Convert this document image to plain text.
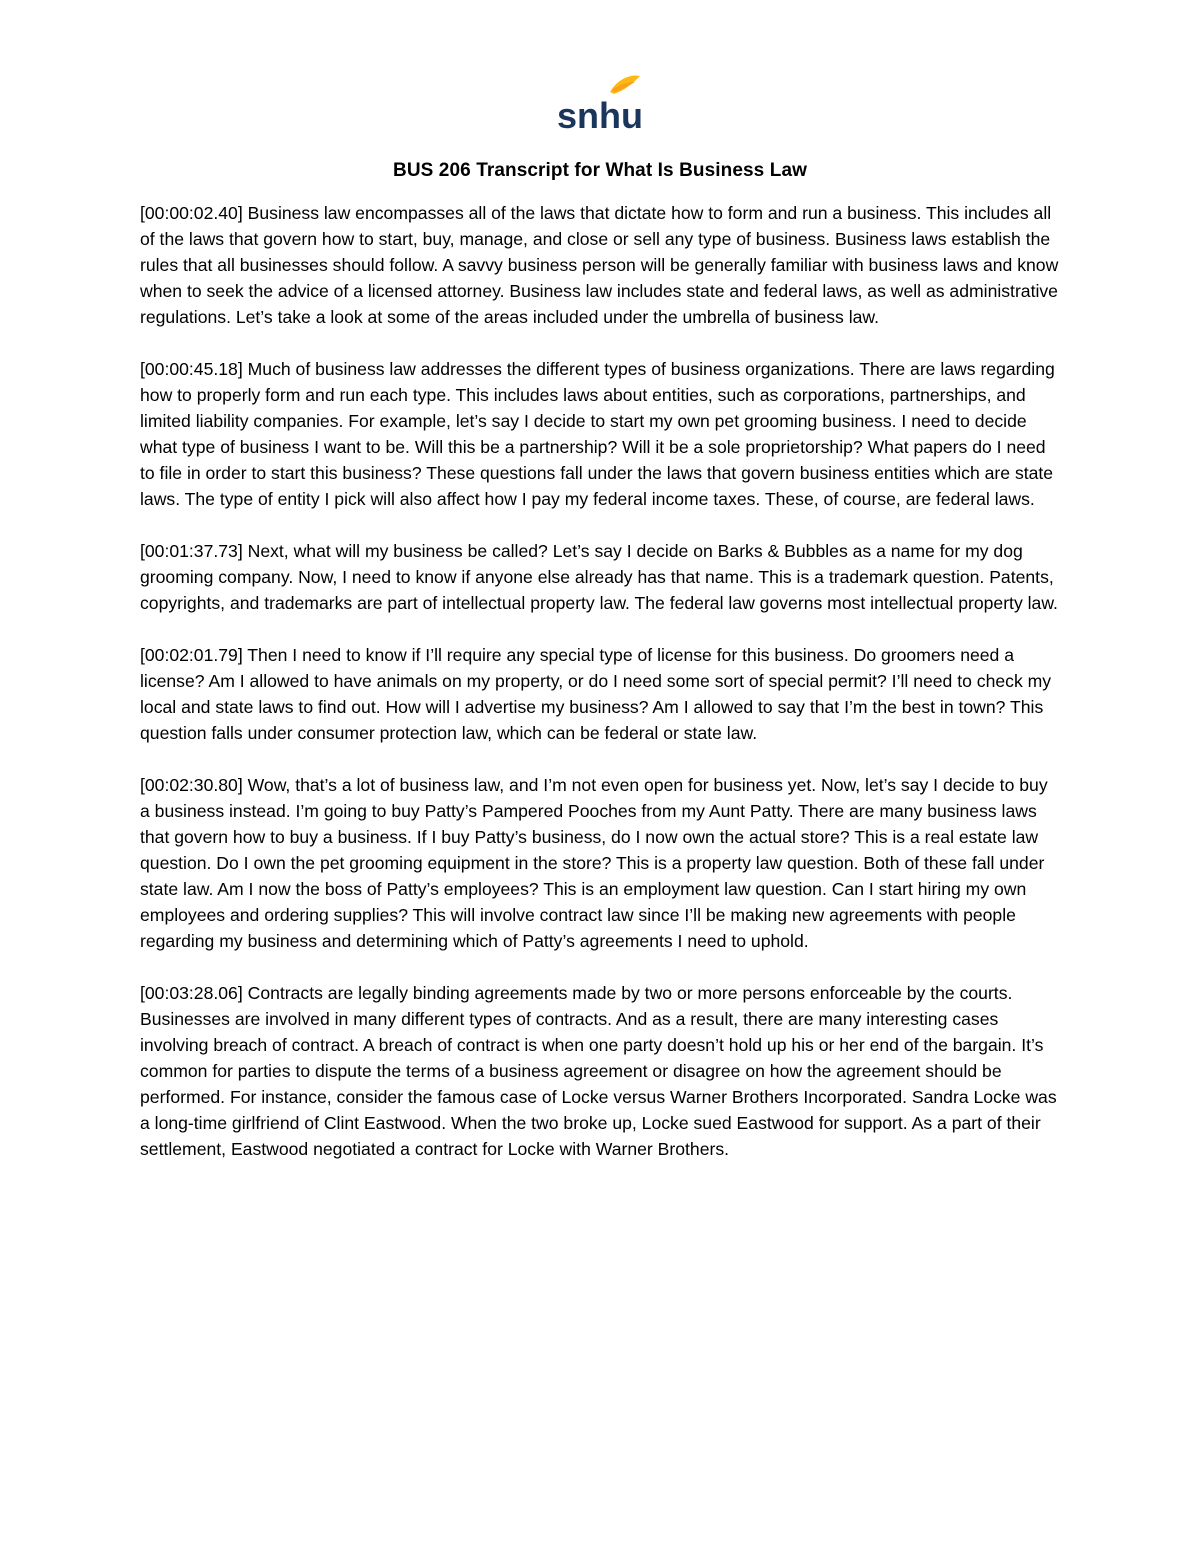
snhu
BUS 206 Transcript for What Is Business Law

[00:00:02.40] Business law encompasses all of the laws that dictate how to form and run a business. This includes all of the laws that govern how to start, buy, manage, and close or sell any type of business. Business laws establish the rules that all businesses should follow. A savvy business person will be generally familiar with business laws and know when to seek the advice of a licensed attorney. Business law includes state and federal laws, as well as administrative regulations. Let’s take a look at some of the areas included under the umbrella of business law.

[00:00:45.18] Much of business law addresses the different types of business organizations. There are laws regarding how to properly form and run each type. This includes laws about entities, such as corporations, partnerships, and limited liability companies. For example, let’s say I decide to start my own pet grooming business. I need to decide what type of business I want to be. Will this be a partnership? Will it be a sole proprietorship? What papers do I need to file in order to start this business? These questions fall under the laws that govern business entities which are state laws. The type of entity I pick will also affect how I pay my federal income taxes. These, of course, are federal laws.

[00:01:37.73] Next, what will my business be called? Let’s say I decide on Barks & Bubbles as a name for my dog grooming company. Now, I need to know if anyone else already has that name. This is a trademark question. Patents, copyrights, and trademarks are part of intellectual property law. The federal law governs most intellectual property law.

[00:02:01.79] Then I need to know if I’ll require any special type of license for this business. Do groomers need a license? Am I allowed to have animals on my property, or do I need some sort of special permit? I’ll need to check my local and state laws to find out. How will I advertise my business? Am I allowed to say that I’m the best in town? This question falls under consumer protection law, which can be federal or state law.

[00:02:30.80] Wow, that’s a lot of business law, and I’m not even open for business yet. Now, let’s say I decide to buy a business instead. I’m going to buy Patty’s Pampered Pooches from my Aunt Patty. There are many business laws that govern how to buy a business. If I buy Patty’s business, do I now own the actual store? This is a real estate law question. Do I own the pet grooming equipment in the store? This is a property law question. Both of these fall under state law. Am I now the boss of Patty’s employees? This is an employment law question. Can I start hiring my own employees and ordering supplies? This will involve contract law since I’ll be making new agreements with people regarding my business and determining which of Patty’s agreements I need to uphold.

[00:03:28.06] Contracts are legally binding agreements made by two or more persons enforceable by the courts. Businesses are involved in many different types of contracts. And as a result, there are many interesting cases involving breach of contract. A breach of contract is when one party doesn’t hold up his or her end of the bargain. It’s common for parties to dispute the terms of a business agreement or disagree on how the agreement should be performed. For instance, consider the famous case of Locke versus Warner Brothers Incorporated. Sandra Locke was a long-time girlfriend of Clint Eastwood. When the two broke up, Locke sued Eastwood for support. As a part of their settlement, Eastwood negotiated a contract for Locke with Warner Brothers.
